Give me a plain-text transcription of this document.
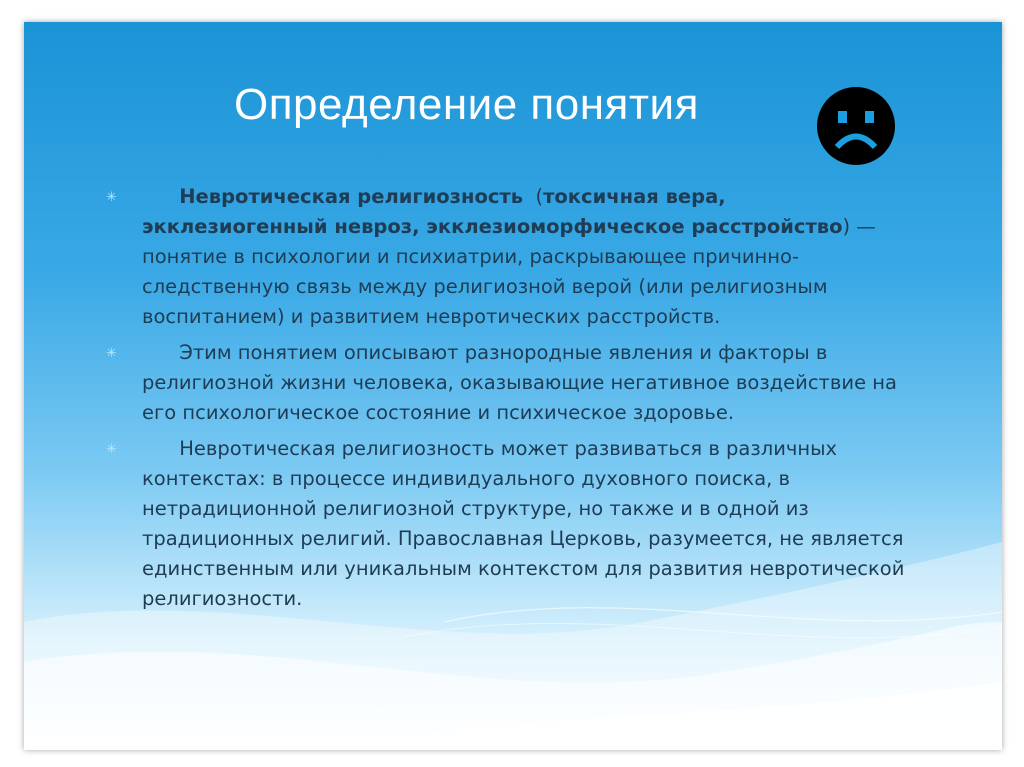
Определение понятия
✳	Невротическая религиозность  (токсичная вера, экклезиогенный невроз, экклезиоморфическое расстройство) — понятие в психологии и психиатрии, раскрывающее причинно-следственную связь между религиозной верой (или религиозным воспитанием) и развитием невротических расстройств.
✳ Этим понятием описывают разнородные явления и факторы в религиозной жизни человека, оказывающие негативное воздействие на его психологическое состояние и психическое здоровье.
✳ Невротическая религиозность может развиваться в различных контекстах: в процессе индивидуального духовного поиска, в нетрадиционной религиозной структуре, но также и в одной из традиционных религий. Православная Церковь, разумеется, не является единственным или уникальным контекстом для развития невротической религиозности.
